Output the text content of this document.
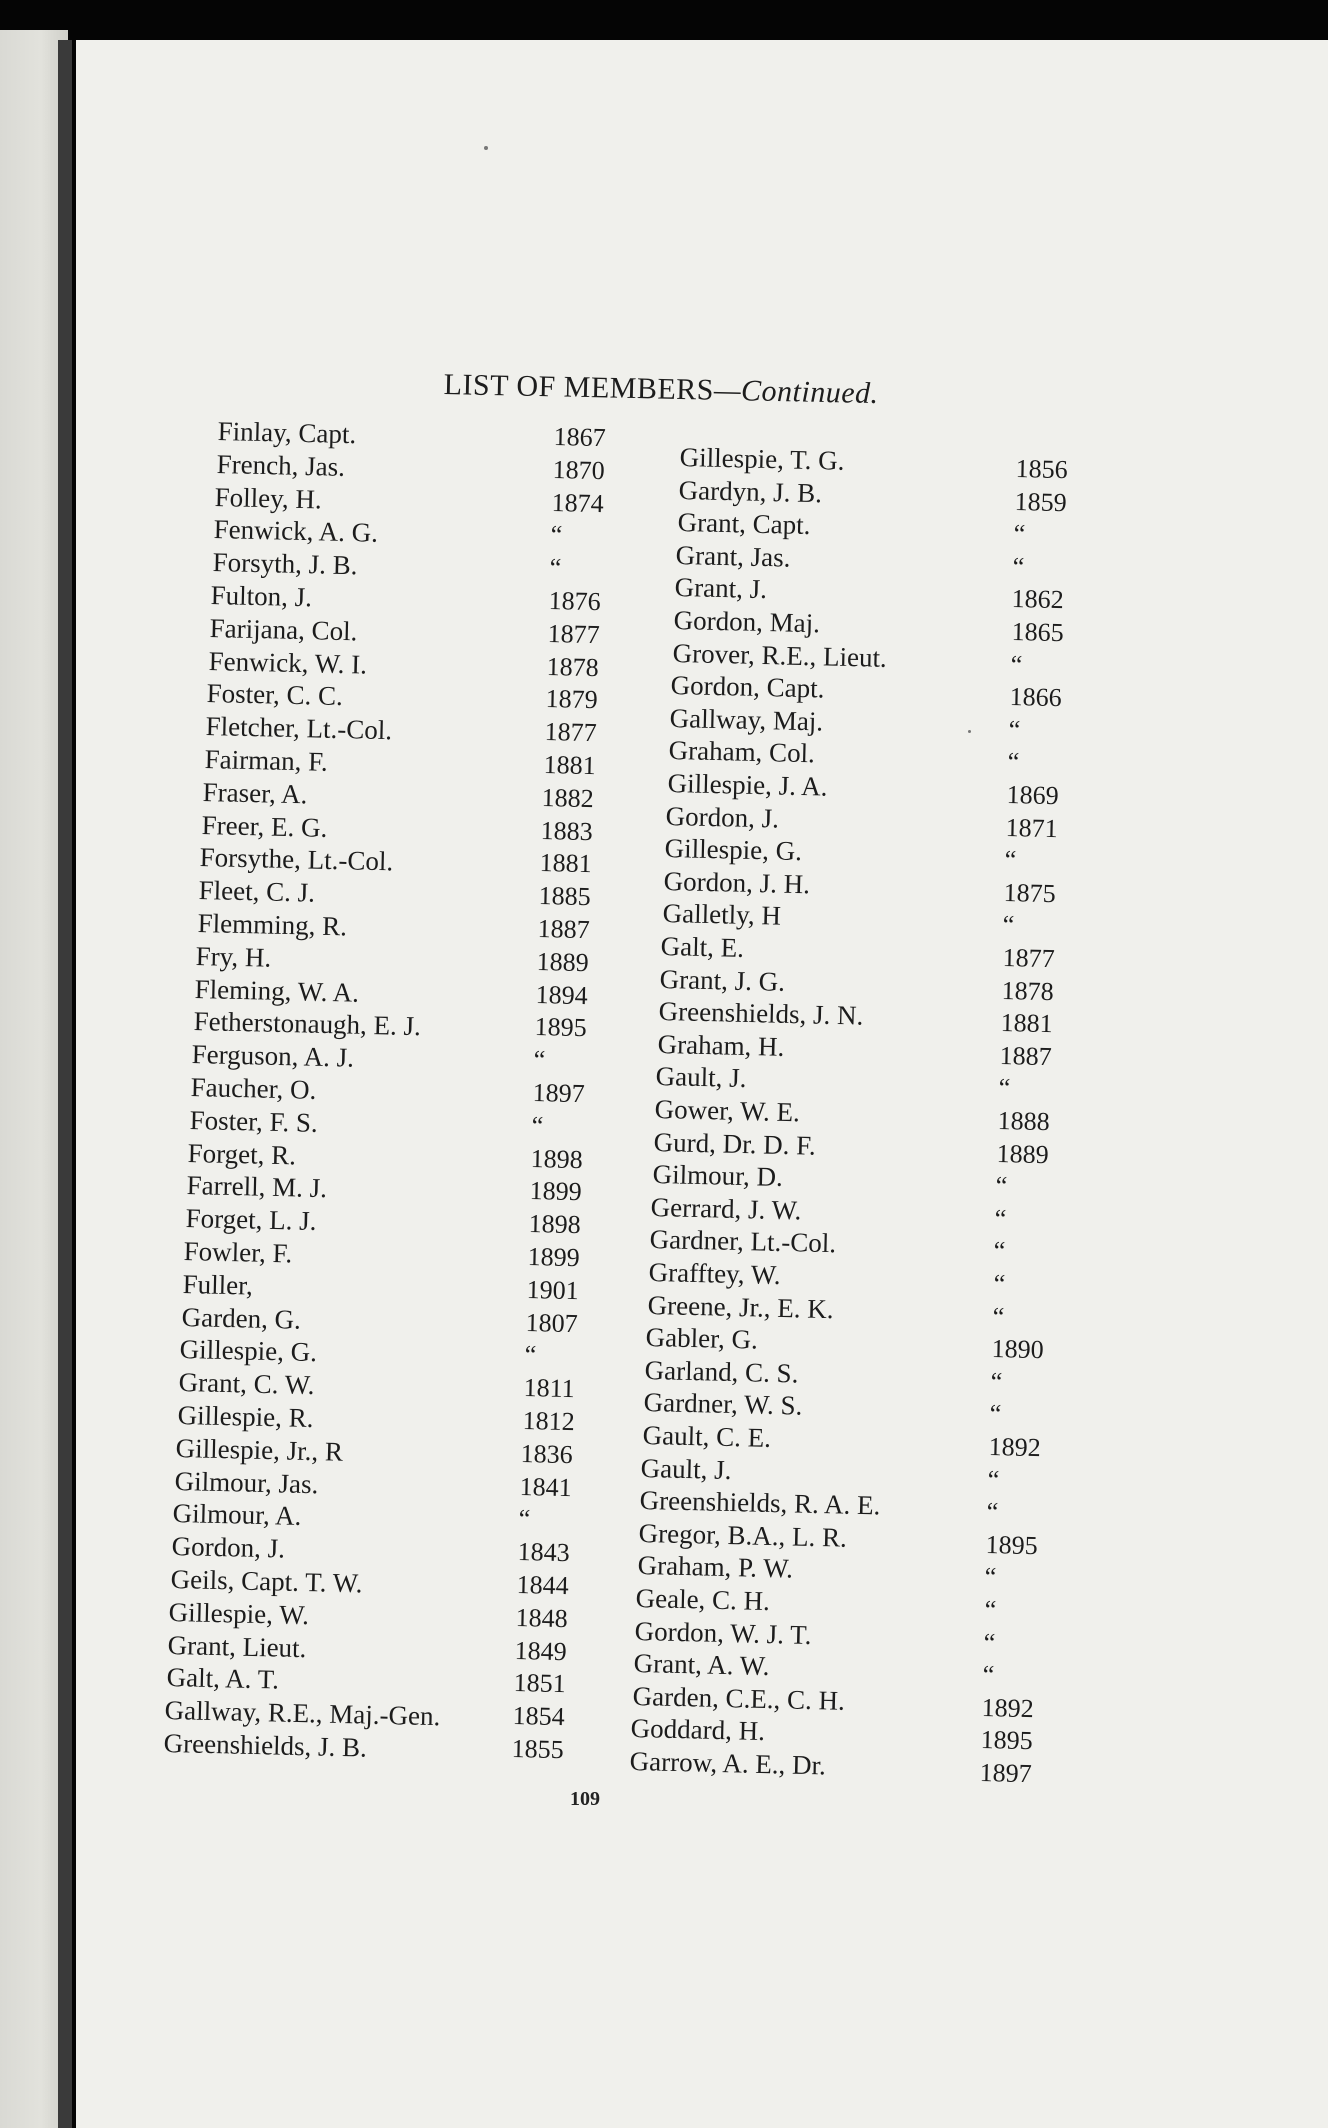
LIST OF MEMBERS—Continued.
Finlay, Capt.	1867
French, Jas.	1870
Folley, H.	1874
Fenwick, A. G.	“
Forsyth, J. B.	“
Fulton, J.	1876
Farijana, Col.	1877
Fenwick, W. I.	1878
Foster, C. C.	1879
Fletcher, Lt.-Col.	1877
Fairman, F.	1881
Fraser, A.	1882
Freer, E. G.	1883
Forsythe, Lt.-Col.	1881
Fleet, C. J.	1885
Flemming, R.	1887
Fry, H.	1889
Fleming, W. A.	1894
Fetherstonaugh, E. J.	1895
Ferguson, A. J.	“
Faucher, O.	1897
Foster, F. S.	“
Forget, R.	1898
Farrell, M. J.	1899
Forget, L. J.	1898
Fowler, F.	1899
Fuller,	1901
Garden, G.	1807
Gillespie, G.	“
Grant, C. W.	1811
Gillespie, R.	1812
Gillespie, Jr., R	1836
Gilmour, Jas.	1841
Gilmour, A.	“
Gordon, J.	1843
Geils, Capt. T. W.	1844
Gillespie, W.	1848
Grant, Lieut.	1849
Galt, A. T.	1851
Gallway, R.E., Maj.-Gen.	1854
Greenshields, J. B.	1855
Gillespie, T. G.	1856
Gardyn, J. B.	1859
Grant, Capt.	“
Grant, Jas.	“
Grant, J.	1862
Gordon, Maj.	1865
Grover, R.E., Lieut.	“
Gordon, Capt.	1866
Gallway, Maj.	“
Graham, Col.	“
Gillespie, J. A.	1869
Gordon, J.	1871
Gillespie, G.	“
Gordon, J. H.	1875
Galletly, H	“
Galt, E.	1877
Grant, J. G.	1878
Greenshields, J. N.	1881
Graham, H.	1887
Gault, J.	“
Gower, W. E.	1888
Gurd, Dr. D. F.	1889
Gilmour, D.	“
Gerrard, J. W.	“
Gardner, Lt.-Col.	“
Grafftey, W.	“
Greene, Jr., E. K.	“
Gabler, G.	1890
Garland, C. S.	“
Gardner, W. S.	“
Gault, C. E.	1892
Gault, J.	“
Greenshields, R. A. E.	“
Gregor, B.A., L. R.	1895
Graham, P. W.	“
Geale, C. H.	“
Gordon, W. J. T.	“
Grant, A. W.	“
Garden, C.E., C. H.	1892
Goddard, H.	1895
Garrow, A. E., Dr.	1897
109
